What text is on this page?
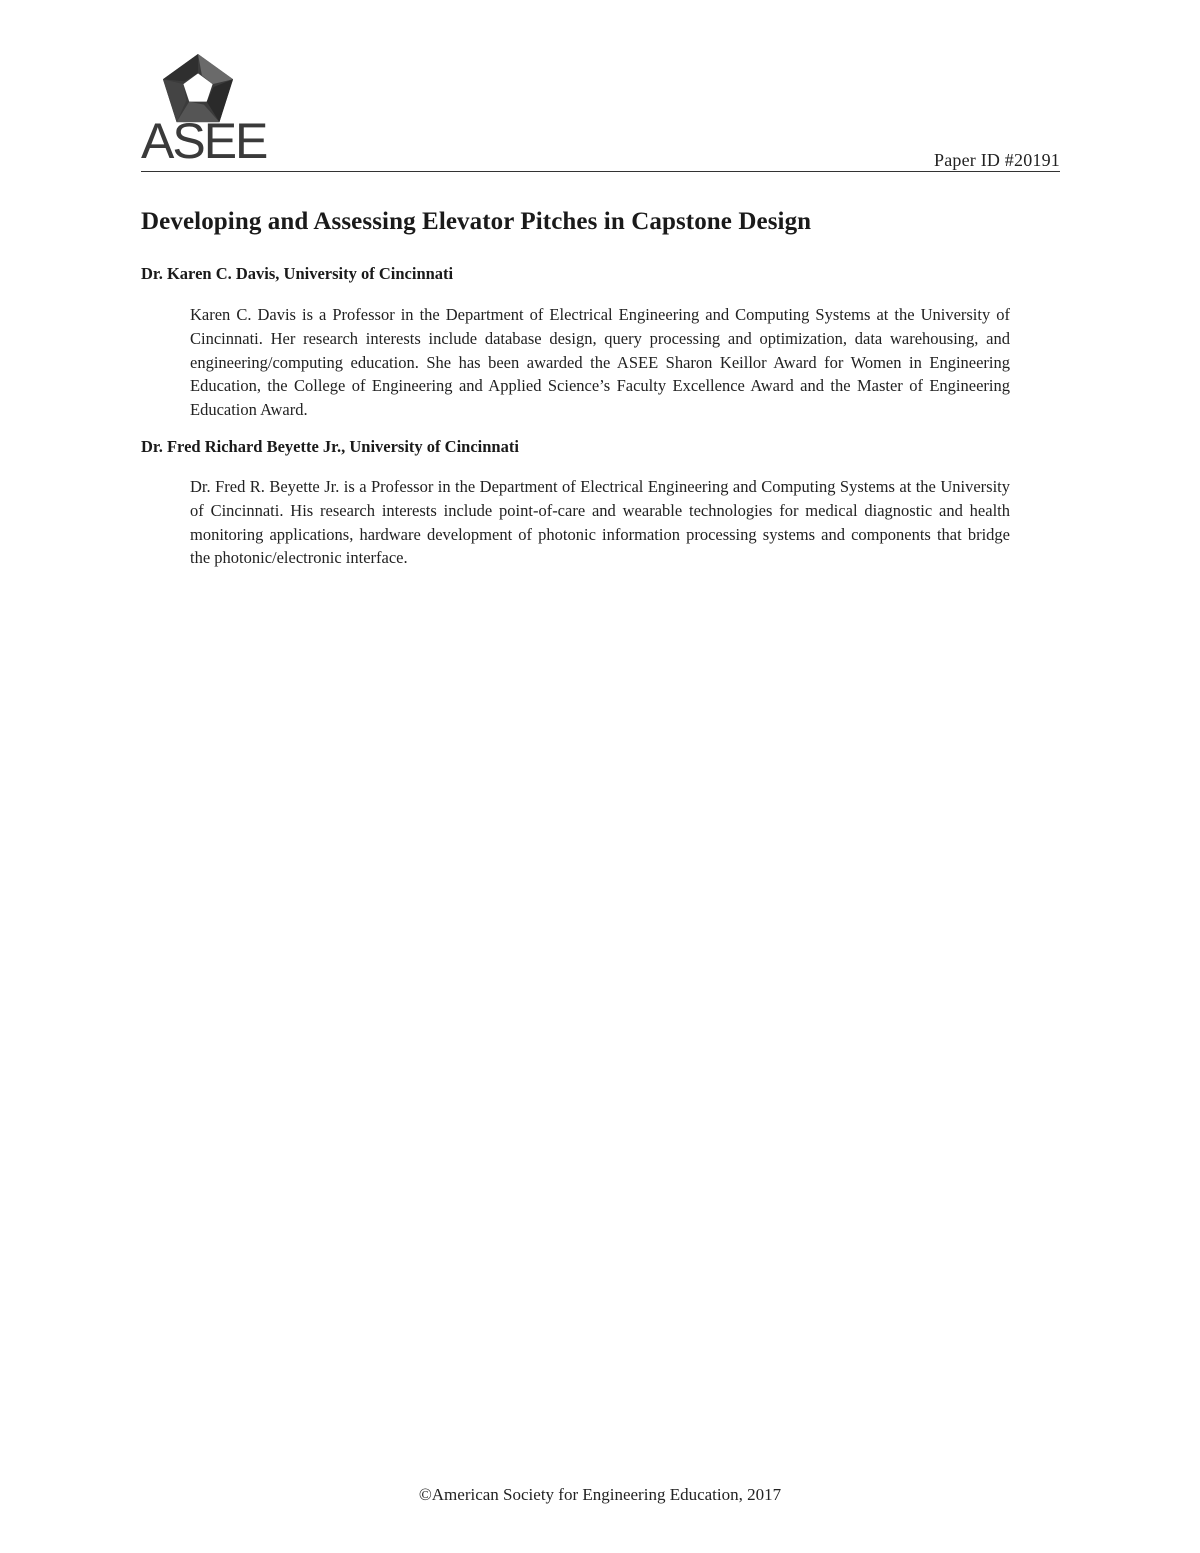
ASEE	Paper ID #20191
Developing and Assessing Elevator Pitches in Capstone Design
Dr. Karen C. Davis, University of Cincinnati

Karen C. Davis is a Professor in the Department of Electrical Engineering and Computing Systems at the University of Cincinnati. Her research interests include database design, query processing and optimization, data warehousing, and engineering/computing education. She has been awarded the ASEE Sharon Keillor Award for Women in Engineering Education, the College of Engineering and Applied Science’s Faculty Excellence Award and the Master of Engineering Education Award.

Dr. Fred Richard Beyette Jr., University of Cincinnati

Dr. Fred R. Beyette Jr. is a Professor in the Department of Electrical Engineering and Computing Systems at the University of Cincinnati. His research interests include point-of-care and wearable technologies for medical diagnostic and health monitoring applications, hardware development of photonic information processing systems and components that bridge the photonic/electronic interface.

©American Society for Engineering Education, 2017
